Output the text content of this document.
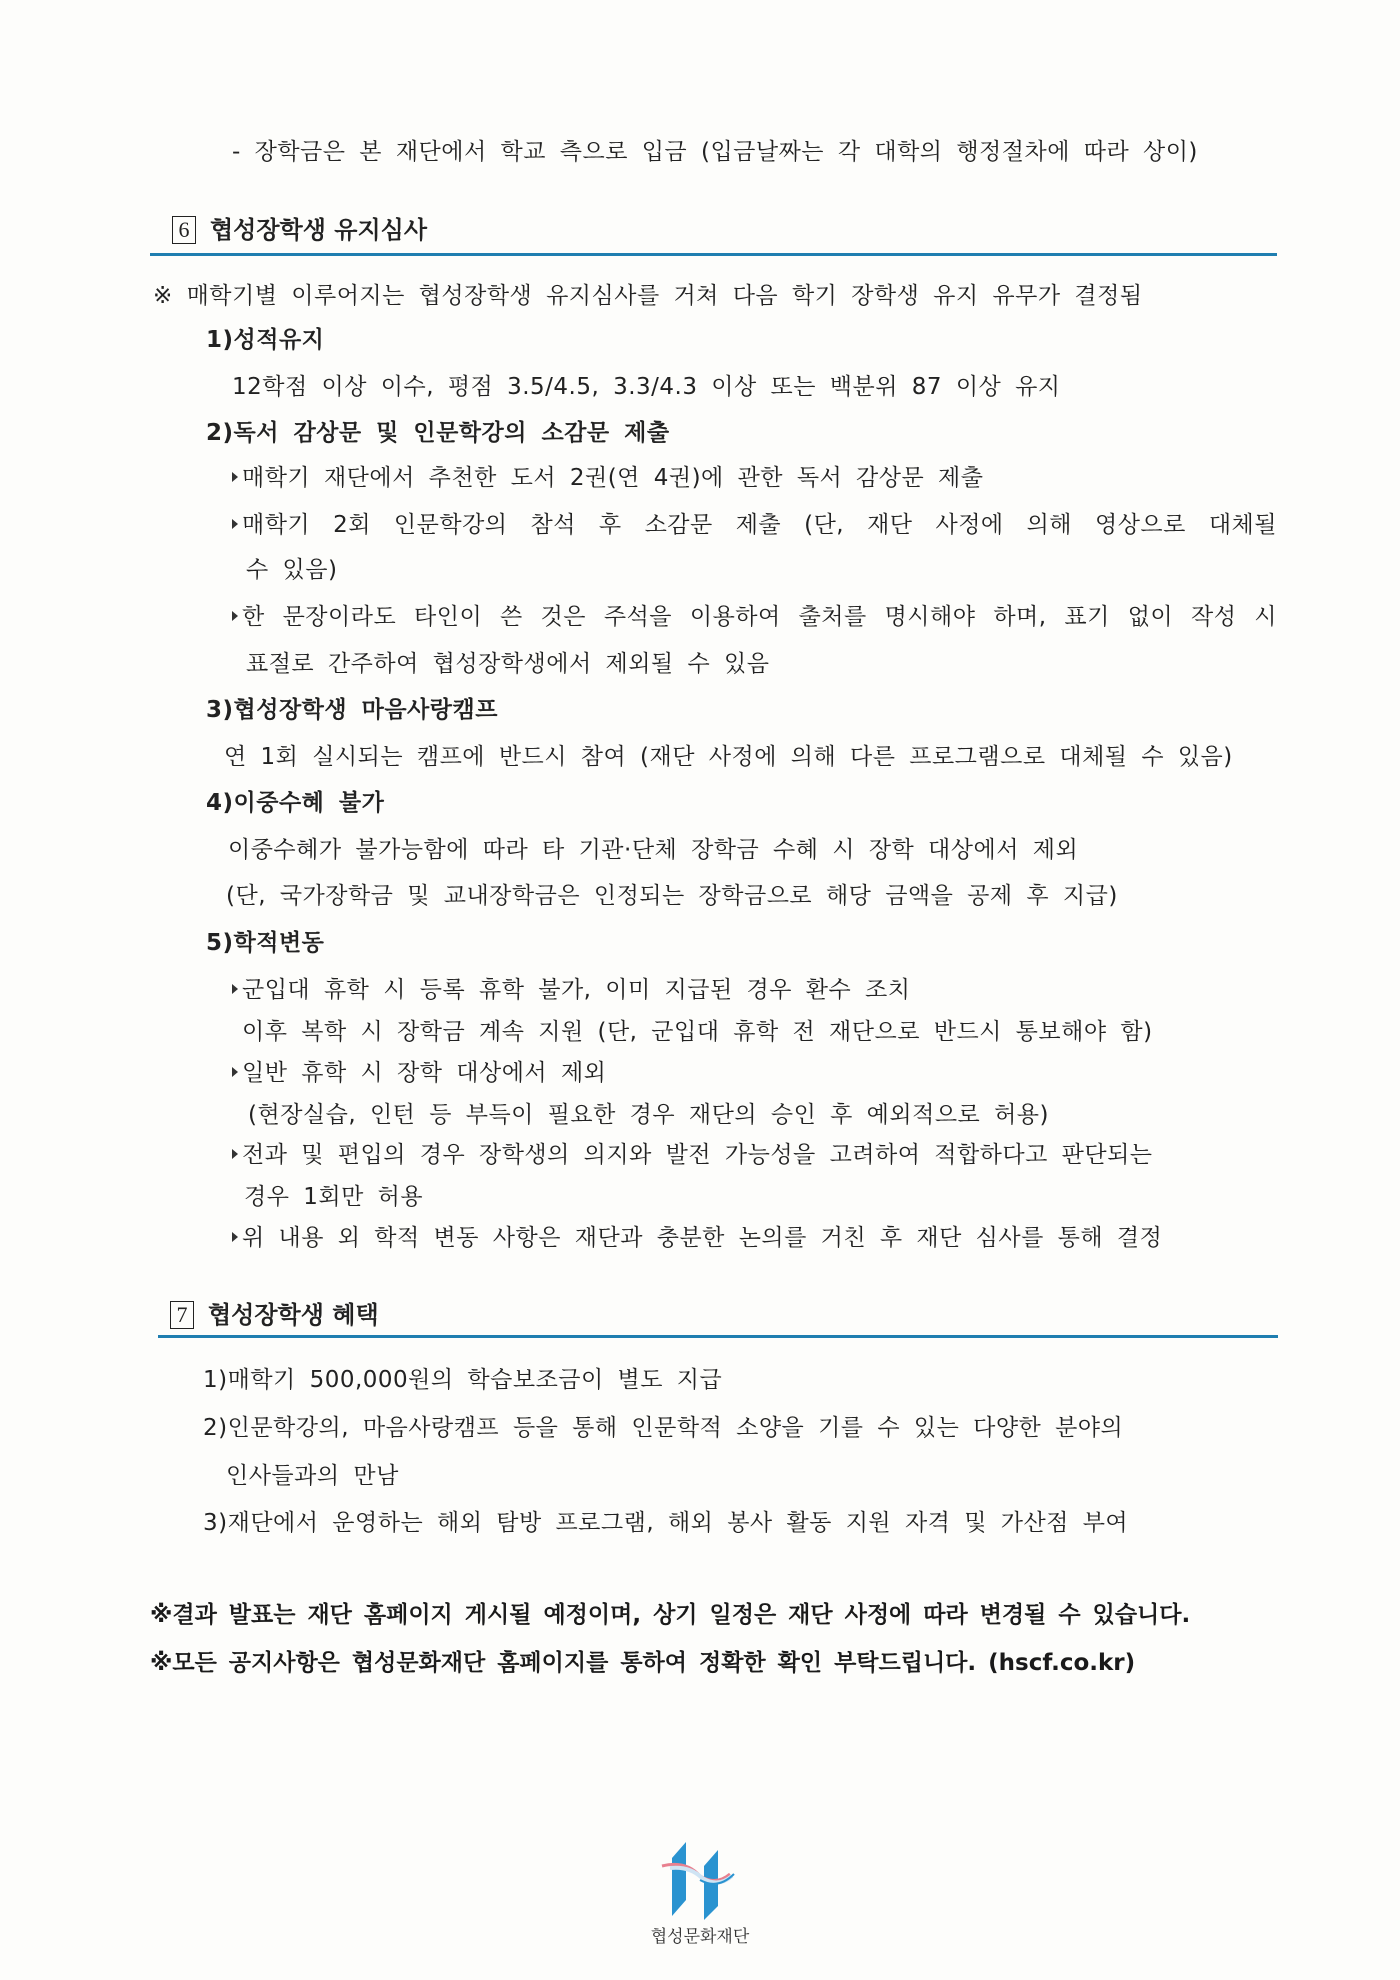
- 장학금은 본 재단에서 학교 측으로 입금 (입금날짜는 각 대학의 행정절차에 따라 상이)
6 협성장학생 유지심사
※ 매학기별 이루어지는 협성장학생 유지심사를 거쳐 다음 학기 장학생 유지 유무가 결정됨
1)성적유지
12학점 이상 이수, 평점 3.5/4.5, 3.3/4.3 이상 또는 백분위 87 이상 유지
2)독서 감상문 및 인문학강의 소감문 제출
매학기 재단에서 추천한 도서 2권(연 4권)에 관한 독서 감상문 제출
매학기 2회 인문학강의 참석 후 소감문 제출 (단, 재단 사정에 의해 영상으로 대체될
수 있음)
한 문장이라도 타인이 쓴 것은 주석을 이용하여 출처를 명시해야 하며, 표기 없이 작성 시
표절로 간주하여 협성장학생에서 제외될 수 있음
3)협성장학생 마음사랑캠프
연 1회 실시되는 캠프에 반드시 참여 (재단 사정에 의해 다른 프로그램으로 대체될 수 있음)
4)이중수혜 불가
이중수혜가 불가능함에 따라 타 기관·단체 장학금 수혜 시 장학 대상에서 제외
(단, 국가장학금 및 교내장학금은 인정되는 장학금으로 해당 금액을 공제 후 지급)
5)학적변동
군입대 휴학 시 등록 휴학 불가, 이미 지급된 경우 환수 조치
이후 복학 시 장학금 계속 지원 (단, 군입대 휴학 전 재단으로 반드시 통보해야 함)
일반 휴학 시 장학 대상에서 제외
(현장실습, 인턴 등 부득이 필요한 경우 재단의 승인 후 예외적으로 허용)
전과 및 편입의 경우 장학생의 의지와 발전 가능성을 고려하여 적합하다고 판단되는
경우 1회만 허용
위 내용 외 학적 변동 사항은 재단과 충분한 논의를 거친 후 재단 심사를 통해 결정
7 협성장학생 혜택
1)매학기 500,000원의 학습보조금이 별도 지급
2)인문학강의, 마음사랑캠프 등을 통해 인문학적 소양을 기를 수 있는 다양한 분야의
인사들과의 만남
3)재단에서 운영하는 해외 탐방 프로그램, 해외 봉사 활동 지원 자격 및 가산점 부여
※결과 발표는 재단 홈페이지 게시될 예정이며, 상기 일정은 재단 사정에 따라 변경될 수 있습니다.
※모든 공지사항은 협성문화재단 홈페이지를 통하여 정확한 확인 부탁드립니다. (hscf.co.kr)
협성문화재단
